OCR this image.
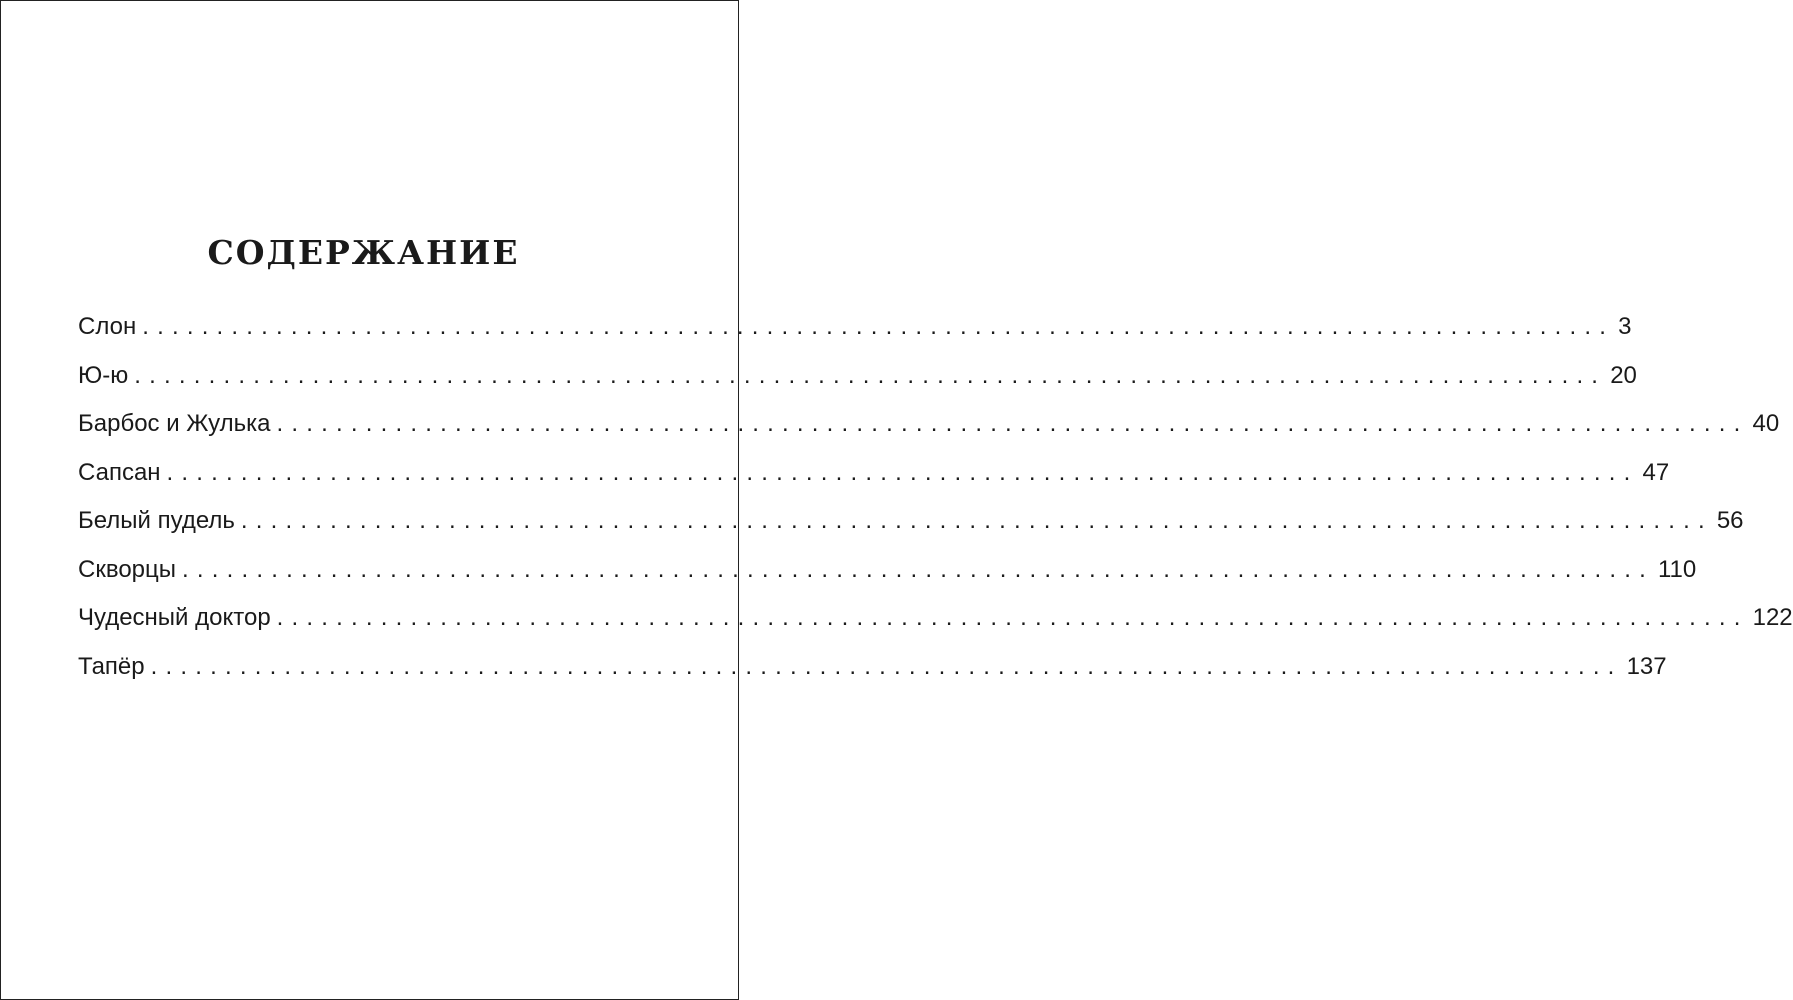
СОДЕРЖАНИЕ
Слон ................................................................................................... 3
Ю-ю ................................................................................................... 20
Барбос и Жулька ................................................................................................... 40
Сапсан ................................................................................................... 47
Белый пудель ................................................................................................... 56
Скворцы ................................................................................................... 110
Чудесный доктор ................................................................................................... 122
Тапёр ................................................................................................... 137
